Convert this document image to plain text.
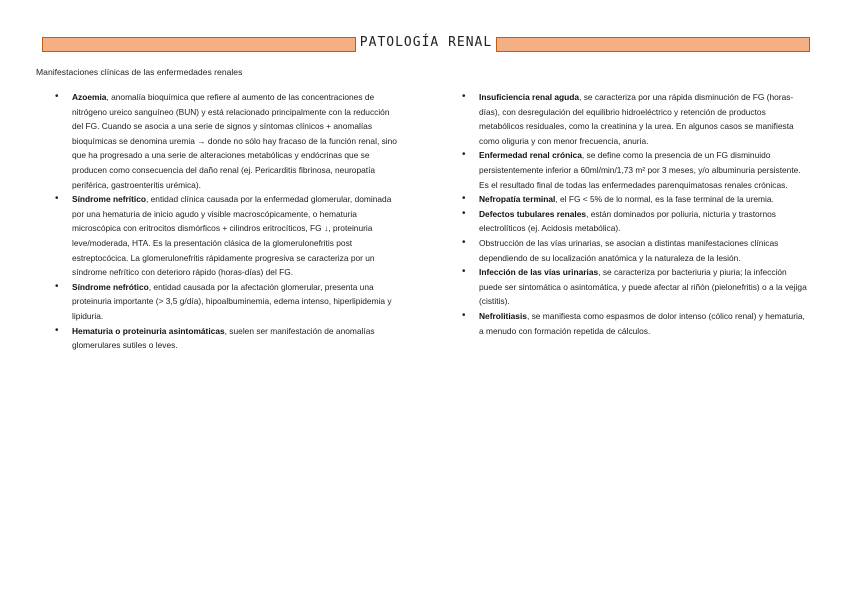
PATOLOGÍA RENAL
Manifestaciones clínicas de las enfermedades renales
• Azoemia, anomalía bioquímica que refiere al aumento de las concentraciones de nitrógeno ureico sanguíneo (BUN) y está relacionado principalmente con la reducción del FG. Cuando se asocia a una serie de signos y síntomas clínicos + anomalías bioquímicas se denomina uremia → donde no sólo hay fracaso de la función renal, sino que ha progresado a una serie de alteraciones metabólicas y endócrinas que se producen como consecuencia del daño renal (ej. Pericarditis fibrinosa, neuropatía periférica, gastroenteritis urémica).
• Síndrome nefrítico, entidad clínica causada por la enfermedad glomerular, dominada por una hematuria de inicio agudo y visible macroscópicamente, o hematuria microscópica con eritrocitos dismórficos + cilindros eritrocíticos, FG ↓, proteinuria leve/moderada, HTA. Es la presentación clásica de la glomerulonefritis post estreptocócica. La glomerulonefritis rápidamente progresiva se caracteriza por un síndrome nefrítico con deterioro rápido (horas-días) del FG.
• Síndrome nefrótico, entidad causada por la afectación glomerular, presenta una proteinuria importante (> 3,5 g/día), hipoalbuminemia, edema intenso, hiperlipidemia y lipiduria.
• Hematuria o proteinuria asintomáticas, suelen ser manifestación de anomalías glomerulares sutiles o leves.
• Insuficiencia renal aguda, se caracteriza por una rápida disminución de FG (horas-días), con desregulación del equilibrio hidroeléctrico y retención de productos metabólicos residuales, como la creatinina y la urea. En algunos casos se manifiesta como oliguria y con menor frecuencia, anuria.
• Enfermedad renal crónica, se define como la presencia de un FG disminuido persistentemente inferior a 60ml/min/1,73 m² por 3 meses, y/o albuminuria persistente. Es el resultado final de todas las enfermedades parenquimatosas renales crónicas.
• Nefropatía terminal, el FG < 5% de lo normal, es la fase terminal de la uremia.
• Defectos tubulares renales, están dominados por poliuria, nicturia y trastornos electrolíticos (ej. Acidosis metabólica).
• Obstrucción de las vías urinarias, se asocian a distintas manifestaciones clínicas dependiendo de su localización anatómica y la naturaleza de la lesión.
• Infección de las vías urinarias, se caracteriza por bacteriuria y piuria; la infección puede ser sintomática o asintomática, y puede afectar al riñón (pielonefritis) o a la vejiga (cistitis).
• Nefrolitiasis, se manifiesta como espasmos de dolor intenso (cólico renal) y hematuria, a menudo con formación repetida de cálculos.
